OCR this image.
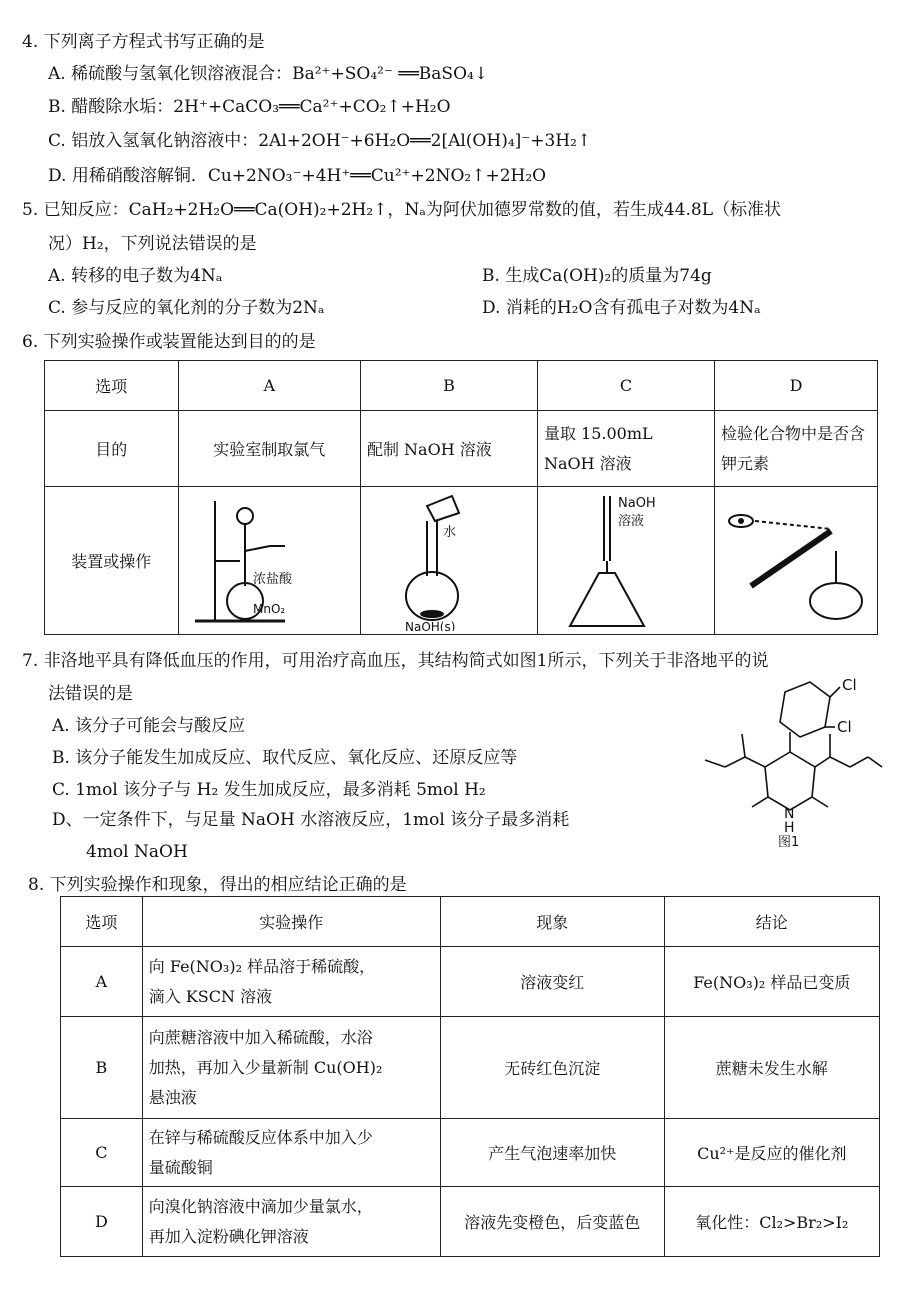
4. 下列离子方程式书写正确的是
A. 稀硫酸与氢氧化钡溶液混合：Ba²⁺+SO₄²⁻ ══BaSO₄↓
B. 醋酸除水垢：2H⁺+CaCO₃══Ca²⁺+CO₂↑+H₂O
C. 铝放入氢氧化钠溶液中：2Al+2OH⁻+6H₂O══2[Al(OH)₄]⁻+3H₂↑
D. 用稀硝酸溶解铜．Cu+2NO₃⁻+4H⁺══Cu²⁺+2NO₂↑+2H₂O
5. 已知反应：CaH₂+2H₂O══Ca(OH)₂+2H₂↑，Nₐ为阿伏加德罗常数的值，若生成44.8L（标准状
况）H₂，下列说法错误的是
A. 转移的电子数为4Nₐ	B. 生成Ca(OH)₂的质量为74g
C. 参与反应的氧化剂的分子数为2Nₐ	D. 消耗的H₂O含有孤电子对数为4Nₐ
6. 下列实验操作或装置能达到目的的是
选项	A	B	C	D
目的	实验室制取氯气	配制 NaOH 溶液	量取 15.00mL NaOH 溶液	检验化合物中是否含钾元素
装置或操作	浓盐酸
MnO₂	水
NaOH(s)	NaOH
溶液

7. 非洛地平具有降低血压的作用，可用治疗高血压，其结构简式如图1所示，下列关于非洛地平的说
法错误的是
A. 该分子可能会与酸反应
B. 该分子能发生加成反应、取代反应、氧化反应、还原反应等
C. 1mol 该分子与 H₂ 发生加成反应，最多消耗 5mol H₂
D、一定条件下，与足量 NaOH 水溶液反应，1mol 该分子最多消耗
4mol NaOH
Cl
Cl
N
H
图1
8. 下列实验操作和现象，得出的相应结论正确的是
选项	实验操作	现象	结论
A	向 Fe(NO₃)₂ 样品溶于稀硫酸，
滴入 KSCN 溶液	溶液变红	Fe(NO₃)₂ 样品已变质
B	向蔗糖溶液中加入稀硫酸，水浴
加热，再加入少量新制 Cu(OH)₂
悬浊液	无砖红色沉淀	蔗糖未发生水解
C	在锌与稀硫酸反应体系中加入少
量硫酸铜	产生气泡速率加快	Cu²⁺是反应的催化剂
D	向溴化钠溶液中滴加少量氯水，
再加入淀粉碘化钾溶液	溶液先变橙色，后变蓝色	氧化性：Cl₂>Br₂>I₂
